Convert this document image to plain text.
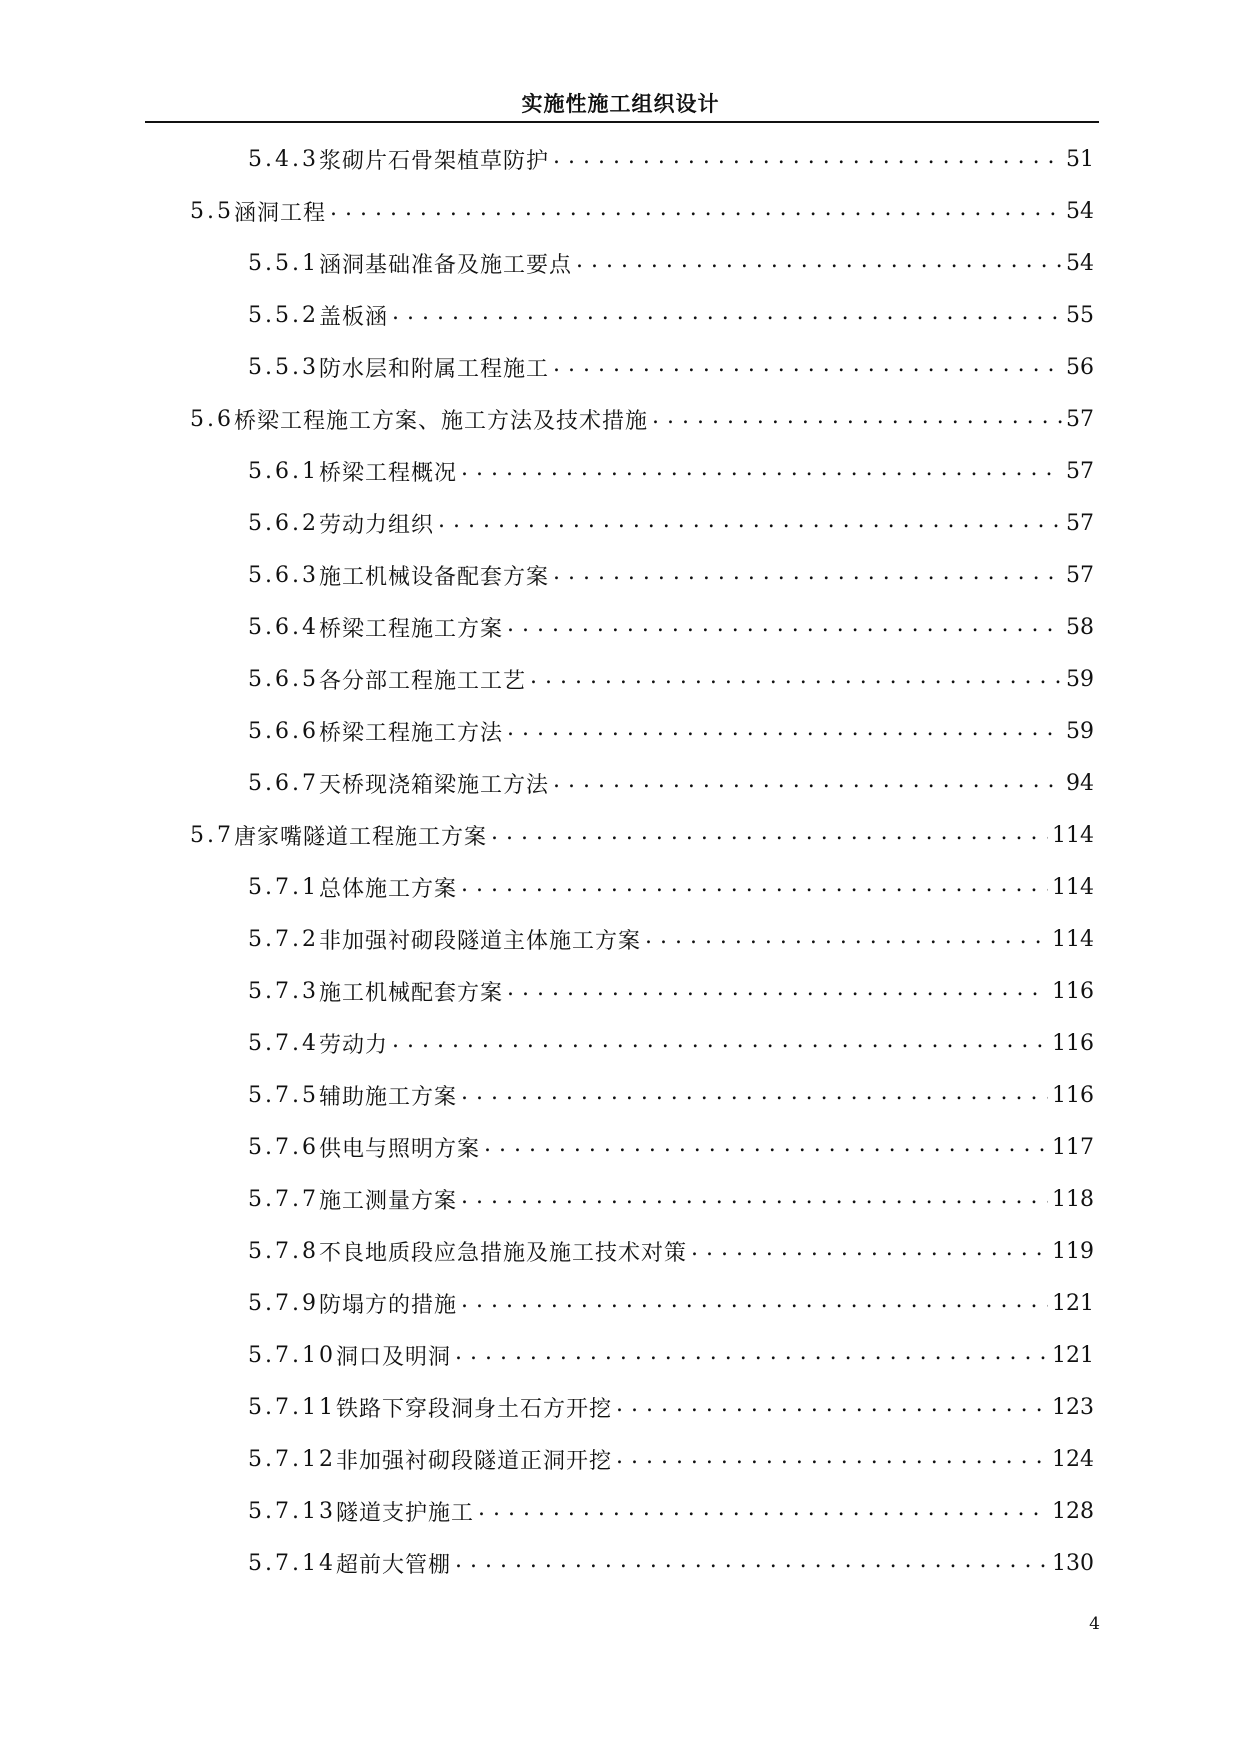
实施性施工组织设计
5.4.3 浆砌片石骨架植草防护 . . .	51
5.5 涵洞工程 . . .	54
5.5.1 涵洞基础准备及施工要点 . . .	54
5.5.2 盖板涵 . . .	55
5.5.3 防水层和附属工程施工 . . .	56
5.6 桥梁工程施工方案、施工方法及技术措施 . . .	57
5.6.1 桥梁工程概况 . . .	57
5.6.2 劳动力组织 . . .	57
5.6.3 施工机械设备配套方案 . . .	57
5.6.4 桥梁工程施工方案 . . .	58
5.6.5 各分部工程施工工艺 . . .	59
5.6.6 桥梁工程施工方法 . . .	59
5.6.7 天桥现浇箱梁施工方法 . . .	94
5.7 唐家嘴隧道工程施工方案 . . .	114
5.7.1 总体施工方案 . . .	114
5.7.2 非加强衬砌段隧道主体施工方案 . . .	114
5.7.3 施工机械配套方案 . . .	116
5.7.4 劳动力 . . .	116
5.7.5 辅助施工方案 . . .	116
5.7.6 供电与照明方案 . . .	117
5.7.7 施工测量方案 . . .	118
5.7.8 不良地质段应急措施及施工技术对策 . . .	119
5.7.9 防塌方的措施 . . .	121
5.7.10 洞口及明洞 . . .	121
5.7.11 铁路下穿段洞身土石方开挖 . . .	123
5.7.12 非加强衬砌段隧道正洞开挖 . . .	124
5.7.13 隧道支护施工 . . .	128
5.7.14 超前大管棚 . . .	130
4
